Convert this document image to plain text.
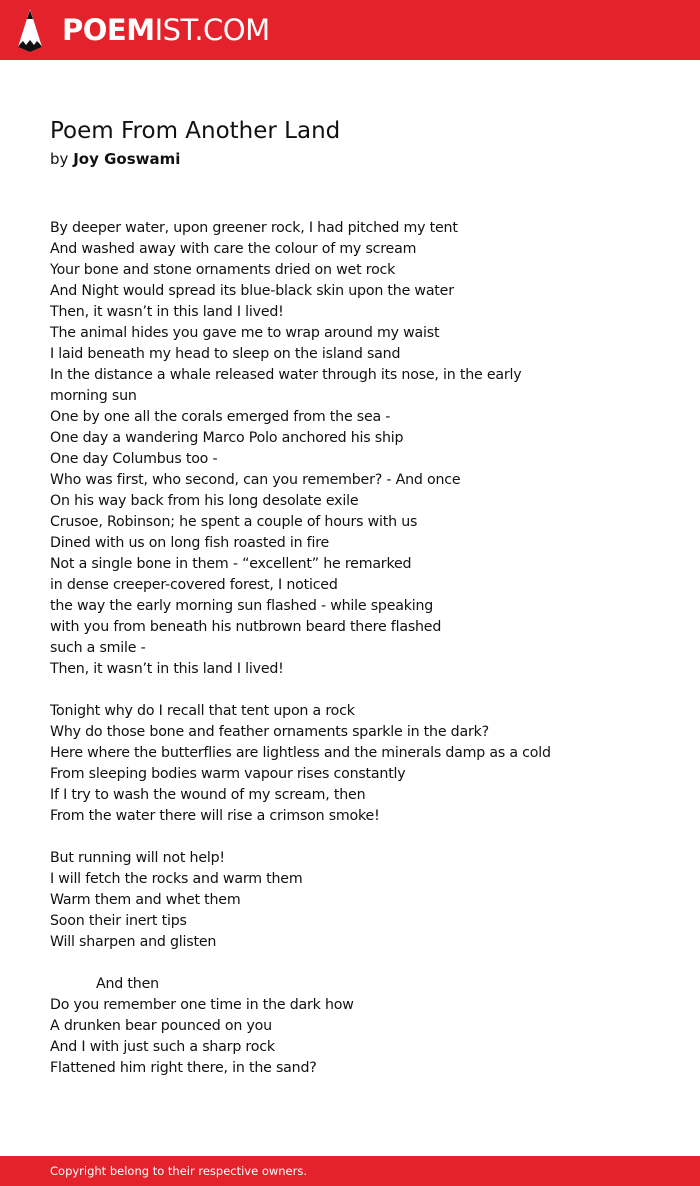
POEMIST.COM
Poem From Another Land
by Joy Goswami
By deeper water, upon greener rock, I had pitched my tent
And washed away with care the colour of my scream
Your bone and stone ornaments dried on wet rock
And Night would spread its blue-black skin upon the water
Then, it wasn’t in this land I lived!
The animal hides you gave me to wrap around my waist
I laid beneath my head to sleep on the island sand
In the distance a whale released water through its nose, in the early
morning sun
One by one all the corals emerged from the sea -
One day a wandering Marco Polo anchored his ship
One day Columbus too -
Who was first, who second, can you remember? - And once
On his way back from his long desolate exile
Crusoe, Robinson; he spent a couple of hours with us
Dined with us on long fish roasted in fire
Not a single bone in them - “excellent” he remarked
in dense creeper-covered forest, I noticed
the way the early morning sun flashed - while speaking
with you from beneath his nutbrown beard there flashed
such a smile -
Then, it wasn’t in this land I lived!
Tonight why do I recall that tent upon a rock
Why do those bone and feather ornaments sparkle in the dark?
Here where the butterflies are lightless and the minerals damp as a cold
From sleeping bodies warm vapour rises constantly
If I try to wash the wound of my scream, then
From the water there will rise a crimson smoke!
But running will not help!
I will fetch the rocks and warm them
Warm them and whet them
Soon their inert tips
Will sharpen and glisten
And then
Do you remember one time in the dark how
A drunken bear pounced on you
And I with just such a sharp rock
Flattened him right there, in the sand?
Copyright belong to their respective owners.
